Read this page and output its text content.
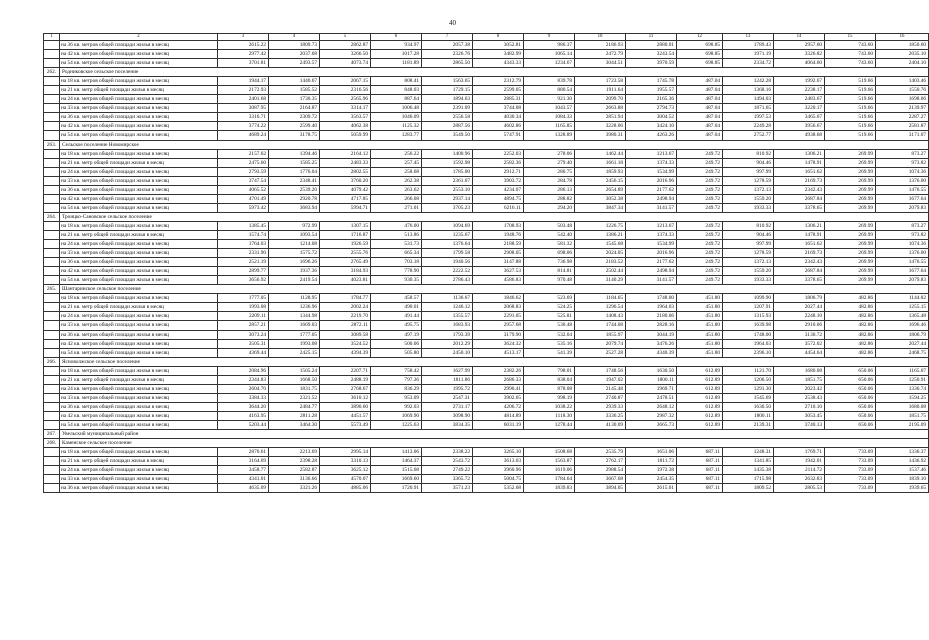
40
1	2	3	4	5	6	7	8	9	10	11	12	13	14	15	16
	на 36 кв. метров общей площади жилья в месяц	2615.22	1809.73	2862.87	934.97	2057.38	3052.81	980.37	2186.93	2880.01	698.85	1789.43	2957.60	743.60	1850.60
	на 42 кв. метров общей площади жилья в месяц	2977.42	2037.68	3266.50	1017.28	2326.76	3482.99	1065.14	2472.79	3243.54	698.85	1971.19	3326.82	743.60	2035.10
	на 54 кв. метров общей площади жилья в месяц	3701.81	2493.57	4073.74	1181.89	2865.50	4343.33	1234.67	3044.51	3970.59	698.85	2334.72	4064.60	743.60	2404.10
262.	Родниковское сельское поселение														
	на 18 кв. метров общей площади жилья в месяц	1944.17	1440.67	2067.15	808.41	1563.65	2312.79	839.78	1723.58	1745.78	487.04	1242.28	1992.67	519.66	1403.46
	на 21 кв. метр общей площади жилья в месяц	2172.93	1585.52	2316.56	848.03	1729.15	2599.05	880.54	1911.64	1955.57	487.04	1368.16	2238.17	519.66	1550.76
	на 24 кв. метров общей площади жилья в месяц	2401.68	1730.35	2565.96	887.64	1894.63	2885.31	921.30	2099.70	2165.36	487.04	1494.03	2483.67	519.66	1698.06
	на 33 кв. метров общей площади жилья в месяц	3087.95	2164.87	3314.17	1006.48	2391.09	3744.08	1043.57	2663.88	2794.73	487.04	1871.65	3220.17	519.66	2139.97
	на 36 кв. метров общей площади жилья в месяц	3316.71	2309.72	3563.57	1046.09	2556.58	4030.34	1084.33	2851.94	3004.52	487.04	1997.53	3465.67	519.66	2287.27
	на 42 кв. метров общей площади жилья в месяц	3774.22	2599.40	4062.38	1125.32	2887.56	4602.86	1165.85	3228.06	3424.10	487.04	2249.28	3956.67	519.66	2581.87
	на 54 кв. метров общей площади жилья в месяц	4689.24	3178.75	5059.99	1283.77	3549.50	5747.91	1328.89	3980.31	4263.26	487.04	2752.77	4938.68	519.66	3171.07
263.	Сельское поселение Новомирское														
	на 18 кв. метров общей площади жилья в месяц	2157.62	1394.46	2164.12	256.22	1400.96	2252.03	278.06	1462.44	1213.67	249.72	810.92	1306.21	269.99	873.27
	на 21 кв. метр общей площади жилья в месяц	2475.60	1585.25	2483.33	257.45	1592.98	2582.36	279.40	1661.18	1374.33	249.72	904.46	1478.91	269.99	973.82
	на 24 кв. метров общей площади жилья в месяц	2793.59	1776.04	2802.55	258.68	1785.00	2912.71	280.75	1859.93	1534.99	249.72	997.99	1651.62	269.99	1074.36
	на 33 кв. метров общей площади жилья в месяц	3747.54	2348.41	3760.20	262.38	2361.07	3903.72	284.78	2456.15	2016.96	249.72	1278.59	2169.73	269.99	1376.00
	на 36 кв. метров общей площади жилья в месяц	4065.52	2539.20	4079.42	263.62	2553.10	4234.07	286.13	2654.89	2177.62	249.72	1372.13	2342.43	269.99	1476.55
	на 42 кв. метров общей площади жилья в месяц	4701.49	2920.78	4717.85	266.08	2937.14	4894.75	288.82	3052.38	2498.94	249.72	1559.20	2687.84	269.99	1677.64
	на 54 кв. метров общей площади жилья в месяц	5973.42	3683.94	5994.71	271.01	3705.23	6216.11	294.20	3847.34	3141.57	249.72	1933.33	3378.65	269.99	2079.83
264.	Троицко-Сановское сельское поселение														
	на 18 кв. метров общей площади жилья в месяц	1385.45	972.99	1307.15	476.00	1094.69	1708.93	503.48	1226.75	1213.67	249.72	810.92	1306.21	269.99	873.27
	на 21 кв. метр общей площади жилья в месяц	1574.74	1093.54	1716.87	513.86	1235.67	1948.76	542.40	1386.21	1374.33	249.72	904.46	1478.91	269.99	973.82
	на 24 кв. метров общей площади жилья в месяц	1764.03	1214.08	1926.59	531.73	1376.64	2188.59	581.32	1545.68	1534.99	249.72	997.99	1651.62	269.99	1074.36
	на 33 кв. метров общей площади жилья в месяц	2331.90	1575.72	2555.76	665.34	1799.58	2908.05	698.06	2024.05	2016.96	249.72	1278.59	2169.73	269.99	1376.00
	на 36 кв. метров общей площади жилья в месяц	2521.19	1696.26	2765.49	703.18	1940.56	3147.88	736.98	2183.52	2177.62	249.72	1372.13	2342.43	269.99	1476.55
	на 42 кв. метров общей площади жилья в месяц	2899.77	1937.36	3184.93	778.90	2222.52	3627.53	814.81	2502.44	2498.94	249.72	1559.20	2687.84	269.99	1677.64
	на 54 кв. метров общей площади жилья в месяц	3656.92	2419.54	4023.81	930.35	2786.43	4586.83	970.48	3140.29	3141.57	249.72	1933.33	3378.65	269.99	2079.83
265.	Шантаринское сельское поселение														
	на 18 кв. метров общей площади жилья в месяц	1777.05	1128.95	1784.77	458.57	1136.67	1846.62	523.69	1184.65	1748.00	451.80	1099.90	1806.79	482.86	1144.82
	на 21 кв. метр общей площади жилья в месяц	1993.08	1236.96	2002.24	490.01	1246.12	2068.83	524.25	1296.54	1964.03	451.80	1207.91	2027.44	482.86	1255.15
	на 24 кв. метров общей площади жилья в месяц	2209.11	1344.98	2219.70	491.44	1355.57	2291.05	525.81	1408.43	2180.06	451.80	1315.93	2248.10	482.86	1365.48
	на 33 кв. метров общей площади жилья в месяц	2857.21	1669.03	2872.11	495.75	1683.93	2957.68	530.48	1744.08	2828.16	451.80	1639.98	2910.06	482.86	1696.46
	на 36 кв. метров общей площади жилья в месяц	3073.24	1777.05	3089.58	497.19	1793.39	3179.90	532.04	1855.97	3044.19	451.80	1748.00	3130.72	482.86	1806.79
	на 42 кв. метров общей площади жилья в месяц	3505.31	1993.08	3524.52	500.06	2012.29	3624.32	535.16	2079.74	3476.26	451.80	1964.03	3572.02	482.86	2027.44
	на 54 кв. метров общей площади жилья в месяц	4369.44	2425.15	4394.39	505.80	2450.10	4513.17	541.39	2527.28	4340.39	451.80	2396.10	4454.64	482.86	2468.75
266.	Ясноволжское сельское поселение														
	на 18 кв. метров общей площади жилья в месяц	2084.96	1505.24	2207.71	758.42	1627.99	2382.26	798.01	1748.56	1630.50	612.89	1121.70	1680.08	650.06	1165.07
	на 21 кв. метр общей площади жилья в месяц	2344.83	1668.50	2488.19	797.36	1811.86	2686.33	838.04	1947.02	1800.11	612.89	1206.50	1851.75	650.06	1250.91
	на 24 кв. метров общей площади жилья в месяц	2604.70	1831.75	2768.67	836.29	1995.72	2990.41	878.08	2145.48	1969.71	612.89	1291.30	2023.42	650.06	1336.74
	на 33 кв. метров общей площади жилья в месяц	3384.33	2321.52	3610.12	953.09	2547.31	3902.65	998.19	2740.87	2478.51	612.89	1545.69	2538.43	650.06	1594.25
	на 36 кв. метров общей площади жилья в месяц	3644.20	2484.77	3890.60	992.03	2731.17	4206.72	1038.22	2939.33	2648.12	612.89	1630.50	2710.10	650.06	1680.08
	на 42 кв. метров общей площади жилья в месяц	4163.95	2811.28	4451.57	1069.90	3098.90	4814.89	1118.30	3336.25	2987.32	612.89	1800.11	3053.45	650.06	1851.75
	на 54 кв. метров общей площади жилья в месяц	5203.44	3464.30	5573.49	1225.63	3834.35	6031.19	1278.44	4130.09	3665.73	612.89	2139.31	3740.13	650.06	2195.09
267.	Увельский муниципальный район														
268.	Каменское сельское поселение														
	на 18 кв. метров общей площади жилья в месяц	2870.61	2213.69	2995.14	1413.06	2338.22	3265.10	1508.68	2535.79	1651.06	687.11	1248.31	1769.71	733.09	1336.37
	на 21 кв. метр общей площади жилья в месяц	3164.69	2398.28	3310.13	1464.37	2543.72	3613.03	1563.87	2762.17	1811.72	687.11	1341.85	1942.01	733.09	1436.92
	на 24 кв. метров общей площади жилья в месяц	3458.77	2582.87	3625.12	1515.68	2749.22	3960.96	1619.06	2988.54	1972.38	687.11	1435.38	2114.72	733.09	1537.46
	на 33 кв. метров общей площади жилья в месяц	4341.01	3136.66	4570.07	1669.60	3365.72	5004.75	1784.64	3667.68	2454.35	687.11	1715.98	2632.83	733.09	1839.10
	на 36 кв. метров общей площади жилья в месяц	4635.09	3321.26	4885.06	1720.91	3571.23	5352.68	1839.83	3894.05	2615.01	687.11	1809.52	2805.53	733.09	1939.65
